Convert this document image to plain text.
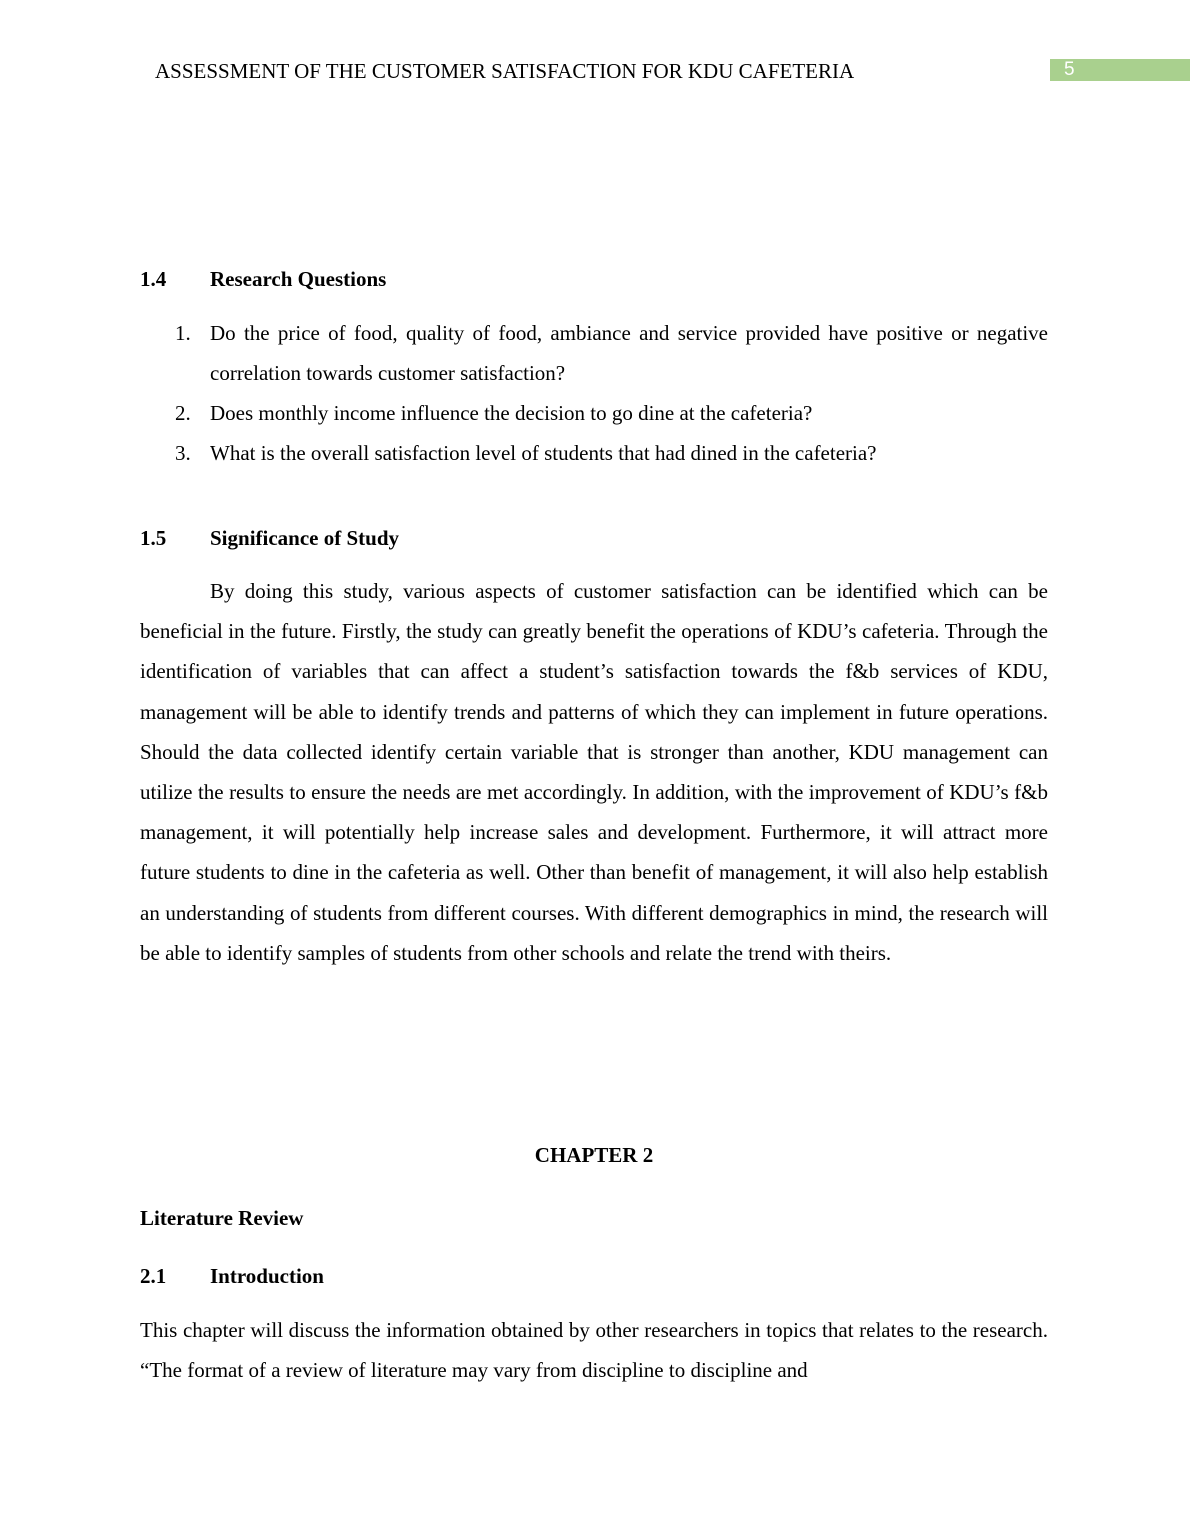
ASSESSMENT OF THE CUSTOMER SATISFACTION FOR KDU CAFETERIA	5
1.4 Research Questions
1. Do the price of food, quality of food, ambiance and service provided have positive or negative correlation towards customer satisfaction?
2. Does monthly income influence the decision to go dine at the cafeteria?
3. What is the overall satisfaction level of students that had dined in the cafeteria?
1.5 Significance of Study
By doing this study, various aspects of customer satisfaction can be identified which can be beneficial in the future. Firstly, the study can greatly benefit the operations of KDU’s cafeteria. Through the identification of variables that can affect a student’s satisfaction towards the f&b services of KDU, management will be able to identify trends and patterns of which they can implement in future operations. Should the data collected identify certain variable that is stronger than another, KDU management can utilize the results to ensure the needs are met accordingly. In addition, with the improvement of KDU’s f&b management, it will potentially help increase sales and development. Furthermore, it will attract more future students to dine in the cafeteria as well. Other than benefit of management, it will also help establish an understanding of students from different courses. With different demographics in mind, the research will be able to identify samples of students from other schools and relate the trend with theirs.
CHAPTER 2
Literature Review
2.1 Introduction
This chapter will discuss the information obtained by other researchers in topics that relates to the research. “The format of a review of literature may vary from discipline to discipline and
